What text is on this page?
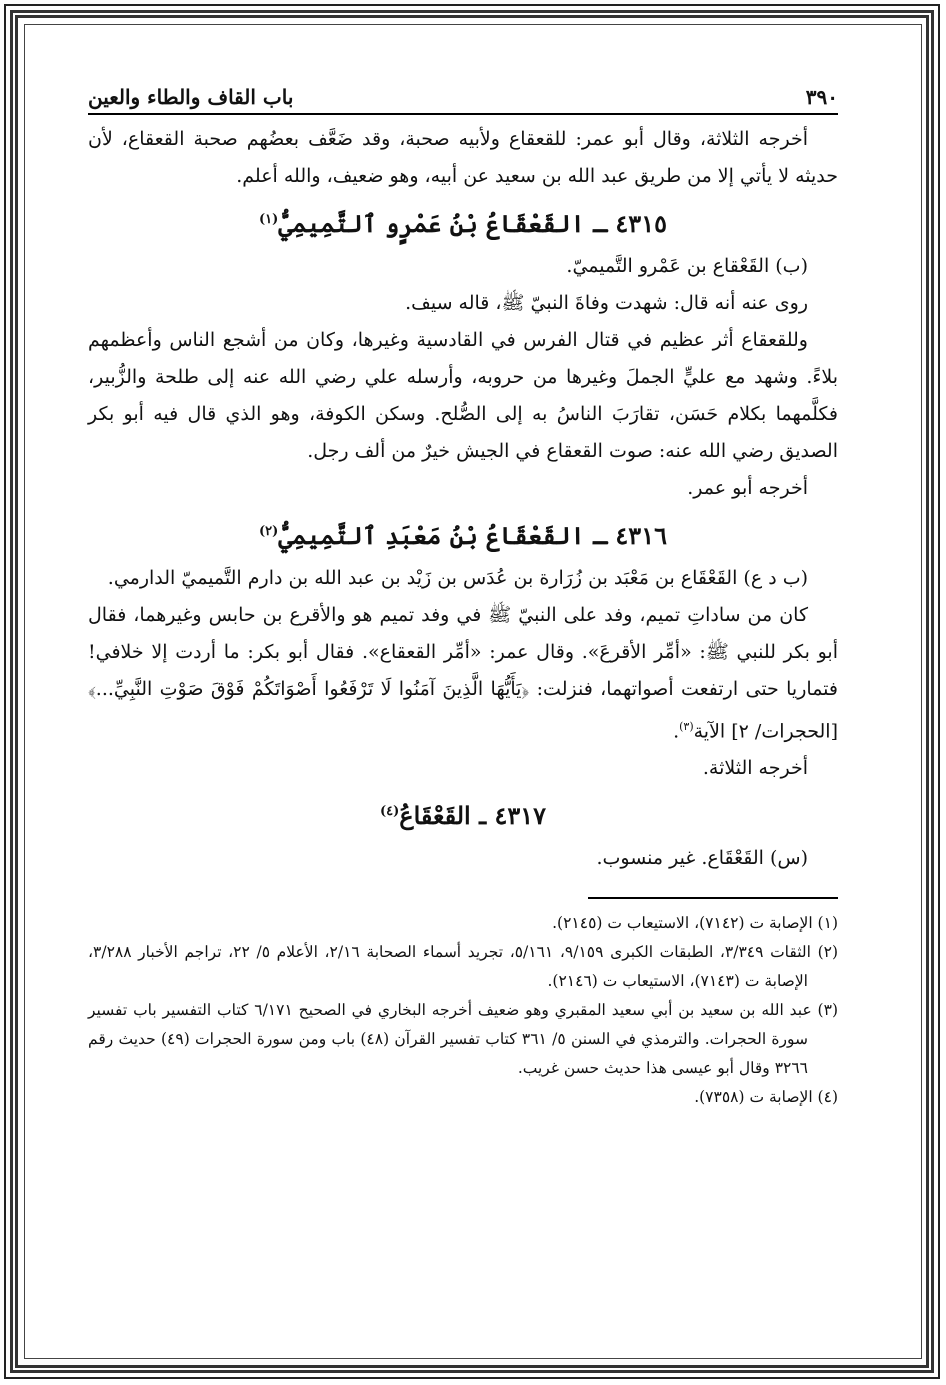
٣٩٠
باب القاف والطاء والعين

أخرجه الثلاثة، وقال أبو عمر: للقعقاع ولأبيه صحبة، وقد ضَعَّف بعضُهم صحبة القعقاع، لأن حديثه لا يأتي إلا من طريق عبد الله بن سعيد عن أبيه، وهو ضعيف، والله أعلم.

٤٣١٥ ـ القَعْقَاعُ بْنُ عَمْرٍو ٱلتَّمِيمِيُّ$^{(١)}$

(ب) القَعْقاع بن عَمْرو التَّميميّ.

روى عنه أنه قال: شهدت وفاةَ النبيّ ﷺ، قاله سيف.

وللقعقاع أثر عظيم في قتال الفرس في القادسية وغيرها، وكان من أشجع الناس وأعظمهم بلاءً. وشهد مع عليٍّ الجملَ وغيرها من حروبه، وأرسله علي رضي الله عنه إلى طلحة والزُّبير، فكلَّمهما بكلام حَسَن، تقارَبَ الناسُ به إلى الصُّلح. وسكن الكوفة، وهو الذي قال فيه أبو بكر الصديق رضي الله عنه: صوت القعقاع في الجيش خيرٌ من ألف رجل.

أخرجه أبو عمر.

٤٣١٦ ـ القَعْقَاعُ بْنُ مَعْبَدِ ٱلتَّمِيمِيُّ$^{(٢)}$

(ب د ع) القَعْقَاع بن مَعْبَد بن زُرَارة بن عُدَس بن زَيْد بن عبد الله بن دارم التَّميميّ الدارمي.

كان من ساداتِ تميم، وفد على النبيّ ﷺ في وفد تميم هو والأقرع بن حابس وغيرهما، فقال أبو بكر للنبي ﷺ: «أمِّر الأقرعَ». وقال عمر: «أمِّر القعقاع». فقال أبو بكر: ما أردت إلا خلافي! فتماريا حتى ارتفعت أصواتهما، فنزلت: ﴿يَأَيُّهَا الَّذِينَ آمَنُوا لَا تَرْفَعُوا أَصْوَاتَكُمْ فَوْقَ صَوْتِ النَّبِيِّ...﴾ [الحجرات/ ٢] الآية$^{(٣)}$.

أخرجه الثلاثة.

٤٣١٧ ـ القَعْقَاعُ$^{(٤)}$

(س) القَعْقَاع. غير منسوب.

(١) الإصابة ت (٧١٤٢)، الاستيعاب ت (٢١٤٥).

(٢) الثقات ٣/٣٤٩، الطبقات الكبرى ٩/١٥٩، ٥/١٦١، تجريد أسماء الصحابة ٢/١٦، الأعلام ٥/ ٢٢، تراجم الأخبار ٣/٢٨٨، الإصابة ت (٧١٤٣)، الاستيعاب ت (٢١٤٦).

(٣) عبد الله بن سعيد بن أبي سعيد المقبري وهو ضعيف أخرجه البخاري في الصحيح ٦/١٧١ كتاب التفسير باب تفسير سورة الحجرات. والترمذي في السنن ٥/ ٣٦١ كتاب تفسير القرآن (٤٨) باب ومن سورة الحجرات (٤٩) حديث رقم ٣٢٦٦ وقال أبو عيسى هذا حديث حسن غريب.

(٤) الإصابة ت (٧٣٥٨).
